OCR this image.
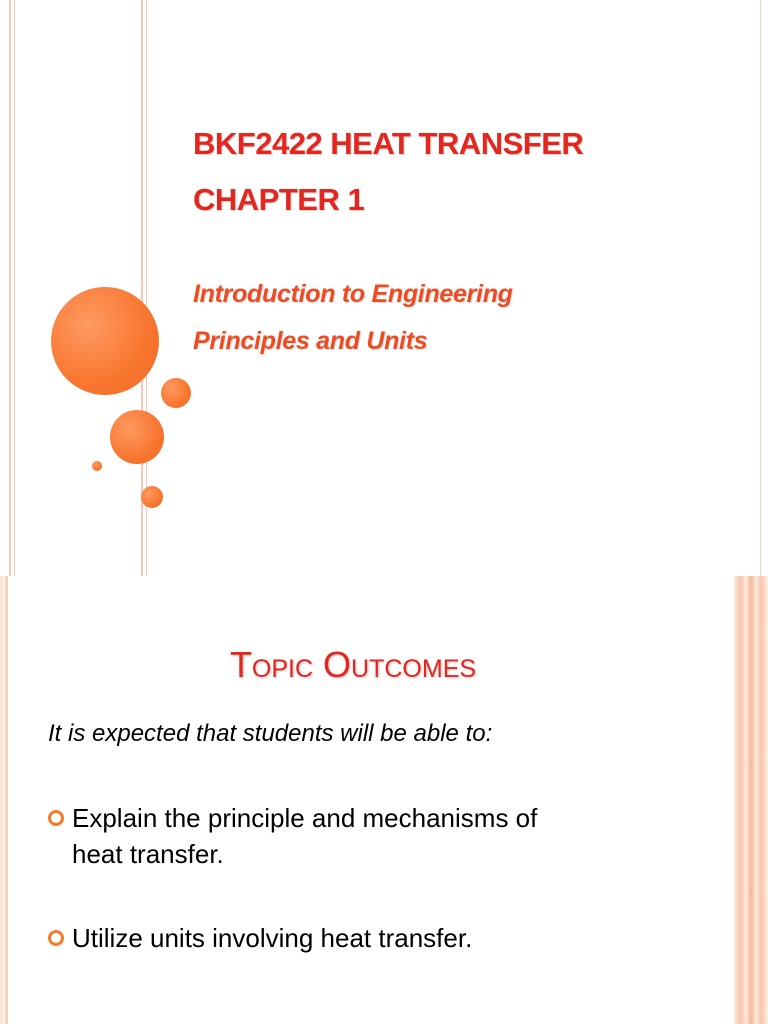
BKF2422 HEAT TRANSFER
CHAPTER 1
Introduction to Engineering
Principles and Units
Topic Outcomes
It is expected that students will be able to:
Explain the principle and mechanisms of
heat transfer.
Utilize units involving heat transfer.
